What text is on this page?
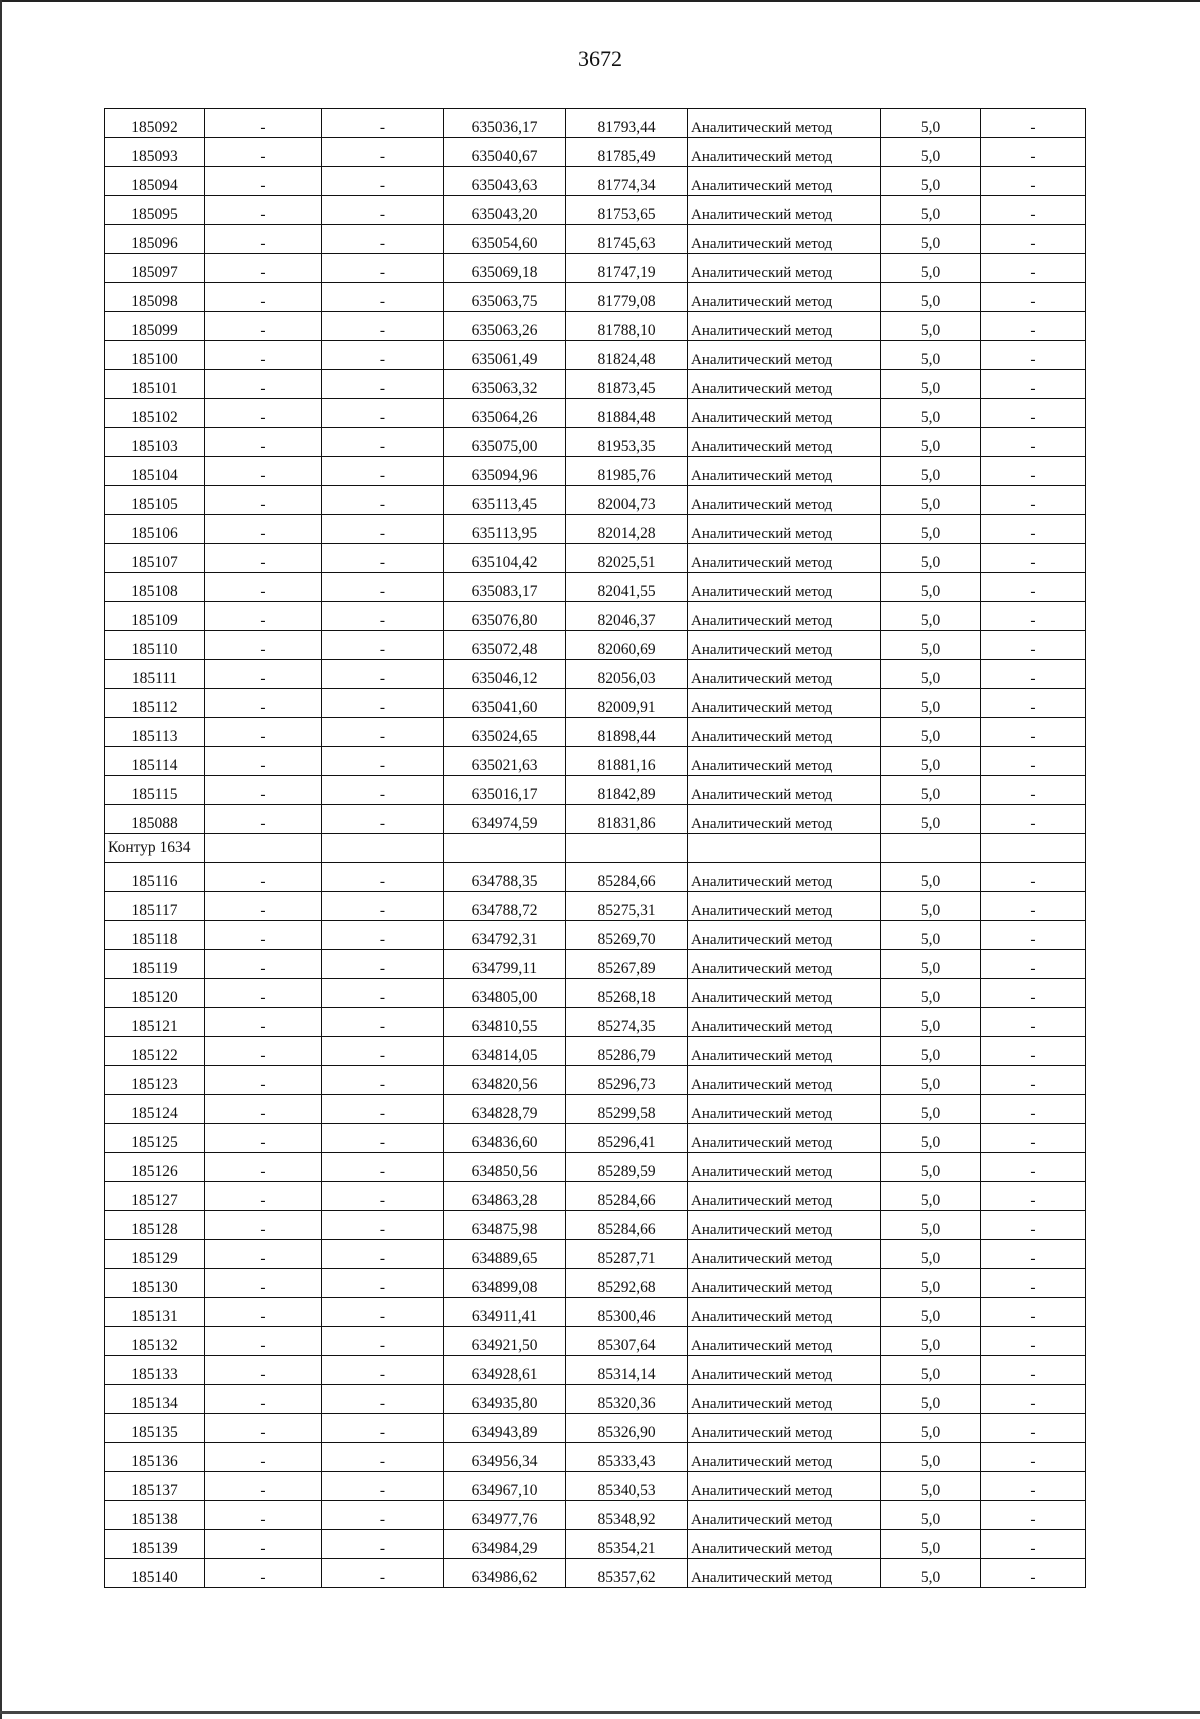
3672
185092	-	-	635036,17	81793,44	Аналитический метод	5,0	-
185093	-	-	635040,67	81785,49	Аналитический метод	5,0	-
185094	-	-	635043,63	81774,34	Аналитический метод	5,0	-
185095	-	-	635043,20	81753,65	Аналитический метод	5,0	-
185096	-	-	635054,60	81745,63	Аналитический метод	5,0	-
185097	-	-	635069,18	81747,19	Аналитический метод	5,0	-
185098	-	-	635063,75	81779,08	Аналитический метод	5,0	-
185099	-	-	635063,26	81788,10	Аналитический метод	5,0	-
185100	-	-	635061,49	81824,48	Аналитический метод	5,0	-
185101	-	-	635063,32	81873,45	Аналитический метод	5,0	-
185102	-	-	635064,26	81884,48	Аналитический метод	5,0	-
185103	-	-	635075,00	81953,35	Аналитический метод	5,0	-
185104	-	-	635094,96	81985,76	Аналитический метод	5,0	-
185105	-	-	635113,45	82004,73	Аналитический метод	5,0	-
185106	-	-	635113,95	82014,28	Аналитический метод	5,0	-
185107	-	-	635104,42	82025,51	Аналитический метод	5,0	-
185108	-	-	635083,17	82041,55	Аналитический метод	5,0	-
185109	-	-	635076,80	82046,37	Аналитический метод	5,0	-
185110	-	-	635072,48	82060,69	Аналитический метод	5,0	-
185111	-	-	635046,12	82056,03	Аналитический метод	5,0	-
185112	-	-	635041,60	82009,91	Аналитический метод	5,0	-
185113	-	-	635024,65	81898,44	Аналитический метод	5,0	-
185114	-	-	635021,63	81881,16	Аналитический метод	5,0	-
185115	-	-	635016,17	81842,89	Аналитический метод	5,0	-
185088	-	-	634974,59	81831,86	Аналитический метод	5,0	-
Контур 1634							
185116	-	-	634788,35	85284,66	Аналитический метод	5,0	-
185117	-	-	634788,72	85275,31	Аналитический метод	5,0	-
185118	-	-	634792,31	85269,70	Аналитический метод	5,0	-
185119	-	-	634799,11	85267,89	Аналитический метод	5,0	-
185120	-	-	634805,00	85268,18	Аналитический метод	5,0	-
185121	-	-	634810,55	85274,35	Аналитический метод	5,0	-
185122	-	-	634814,05	85286,79	Аналитический метод	5,0	-
185123	-	-	634820,56	85296,73	Аналитический метод	5,0	-
185124	-	-	634828,79	85299,58	Аналитический метод	5,0	-
185125	-	-	634836,60	85296,41	Аналитический метод	5,0	-
185126	-	-	634850,56	85289,59	Аналитический метод	5,0	-
185127	-	-	634863,28	85284,66	Аналитический метод	5,0	-
185128	-	-	634875,98	85284,66	Аналитический метод	5,0	-
185129	-	-	634889,65	85287,71	Аналитический метод	5,0	-
185130	-	-	634899,08	85292,68	Аналитический метод	5,0	-
185131	-	-	634911,41	85300,46	Аналитический метод	5,0	-
185132	-	-	634921,50	85307,64	Аналитический метод	5,0	-
185133	-	-	634928,61	85314,14	Аналитический метод	5,0	-
185134	-	-	634935,80	85320,36	Аналитический метод	5,0	-
185135	-	-	634943,89	85326,90	Аналитический метод	5,0	-
185136	-	-	634956,34	85333,43	Аналитический метод	5,0	-
185137	-	-	634967,10	85340,53	Аналитический метод	5,0	-
185138	-	-	634977,76	85348,92	Аналитический метод	5,0	-
185139	-	-	634984,29	85354,21	Аналитический метод	5,0	-
185140	-	-	634986,62	85357,62	Аналитический метод	5,0	-
